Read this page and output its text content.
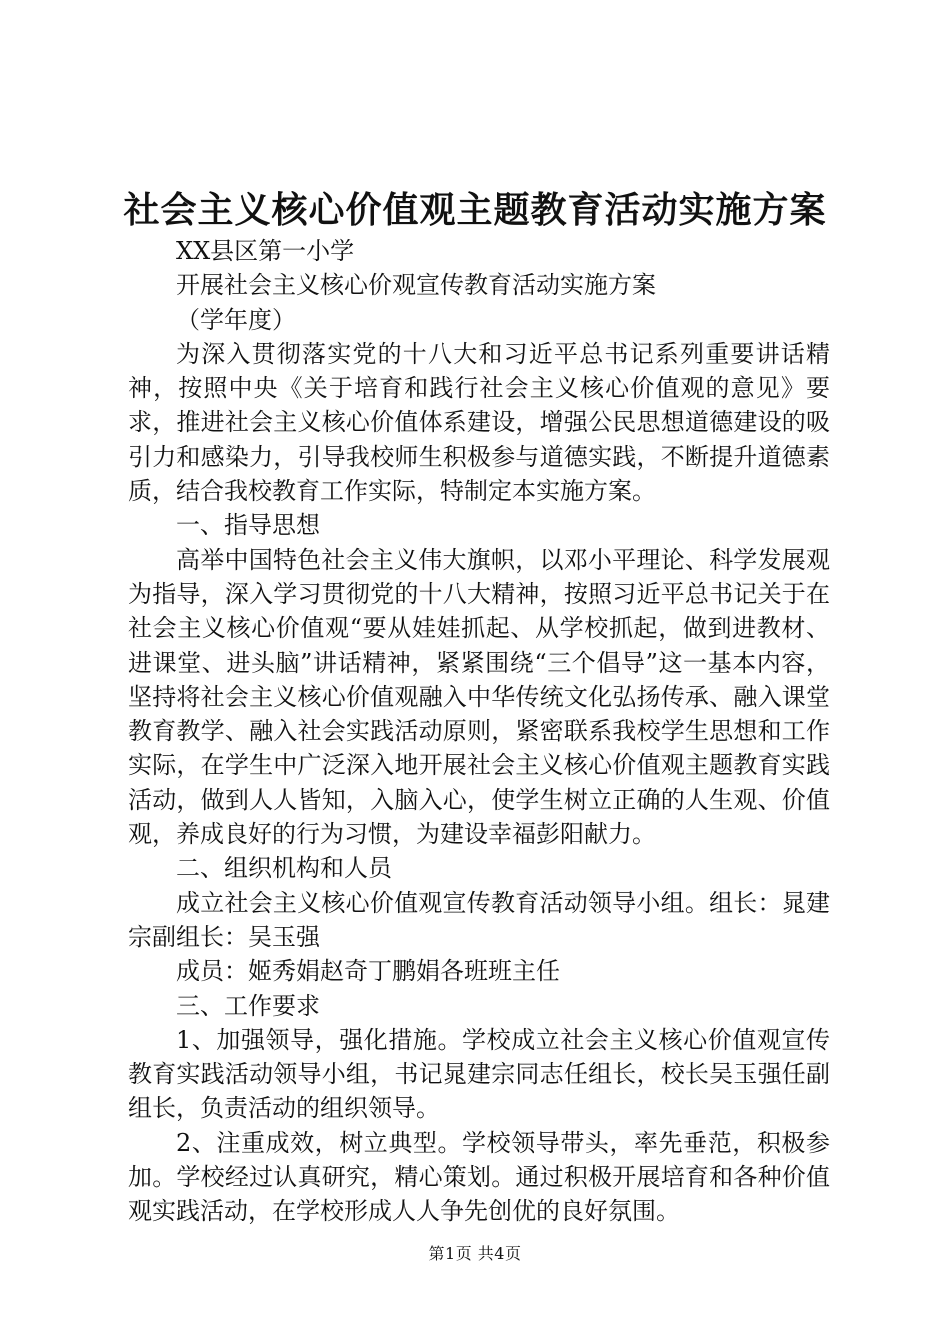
社会主义核心价值观主题教育活动实施方案

XX县区第一小学

开展社会主义核心价观宣传教育活动实施方案

（学年度）

为深入贯彻落实党的十八大和习近平总书记系列重要讲话精神，按照中央《关于培育和践行社会主义核心价值观的意见》要求，推进社会主义核心价值体系建设，增强公民思想道德建设的吸引力和感染力，引导我校师生积极参与道德实践，不断提升道德素质，结合我校教育工作实际，特制定本实施方案。

一、指导思想

高举中国特色社会主义伟大旗帜，以邓小平理论、科学发展观为指导，深入学习贯彻党的十八大精神，按照习近平总书记关于在社会主义核心价值观“要从娃娃抓起、从学校抓起，做到进教材、进课堂、进头脑”讲话精神，紧紧围绕“三个倡导”这一基本内容，坚持将社会主义核心价值观融入中华传统文化弘扬传承、融入课堂教育教学、融入社会实践活动原则，紧密联系我校学生思想和工作实际，在学生中广泛深入地开展社会主义核心价值观主题教育实践活动，做到人人皆知，入脑入心，使学生树立正确的人生观、价值观，养成良好的行为习惯，为建设幸福彭阳献力。

二、组织机构和人员

成立社会主义核心价值观宣传教育活动领导小组。组长：晁建宗副组长：吴玉强

成员：姬秀娟赵奇丁鹏娟各班班主任

三、工作要求

1、加强领导，强化措施。学校成立社会主义核心价值观宣传教育实践活动领导小组，书记晁建宗同志任组长，校长吴玉强任副组长，负责活动的组织领导。

2、注重成效，树立典型。学校领导带头，率先垂范，积极参加。学校经过认真研究，精心策划。通过积极开展培育和各种价值观实践活动，在学校形成人人争先创优的良好氛围。

第1页 共4页
